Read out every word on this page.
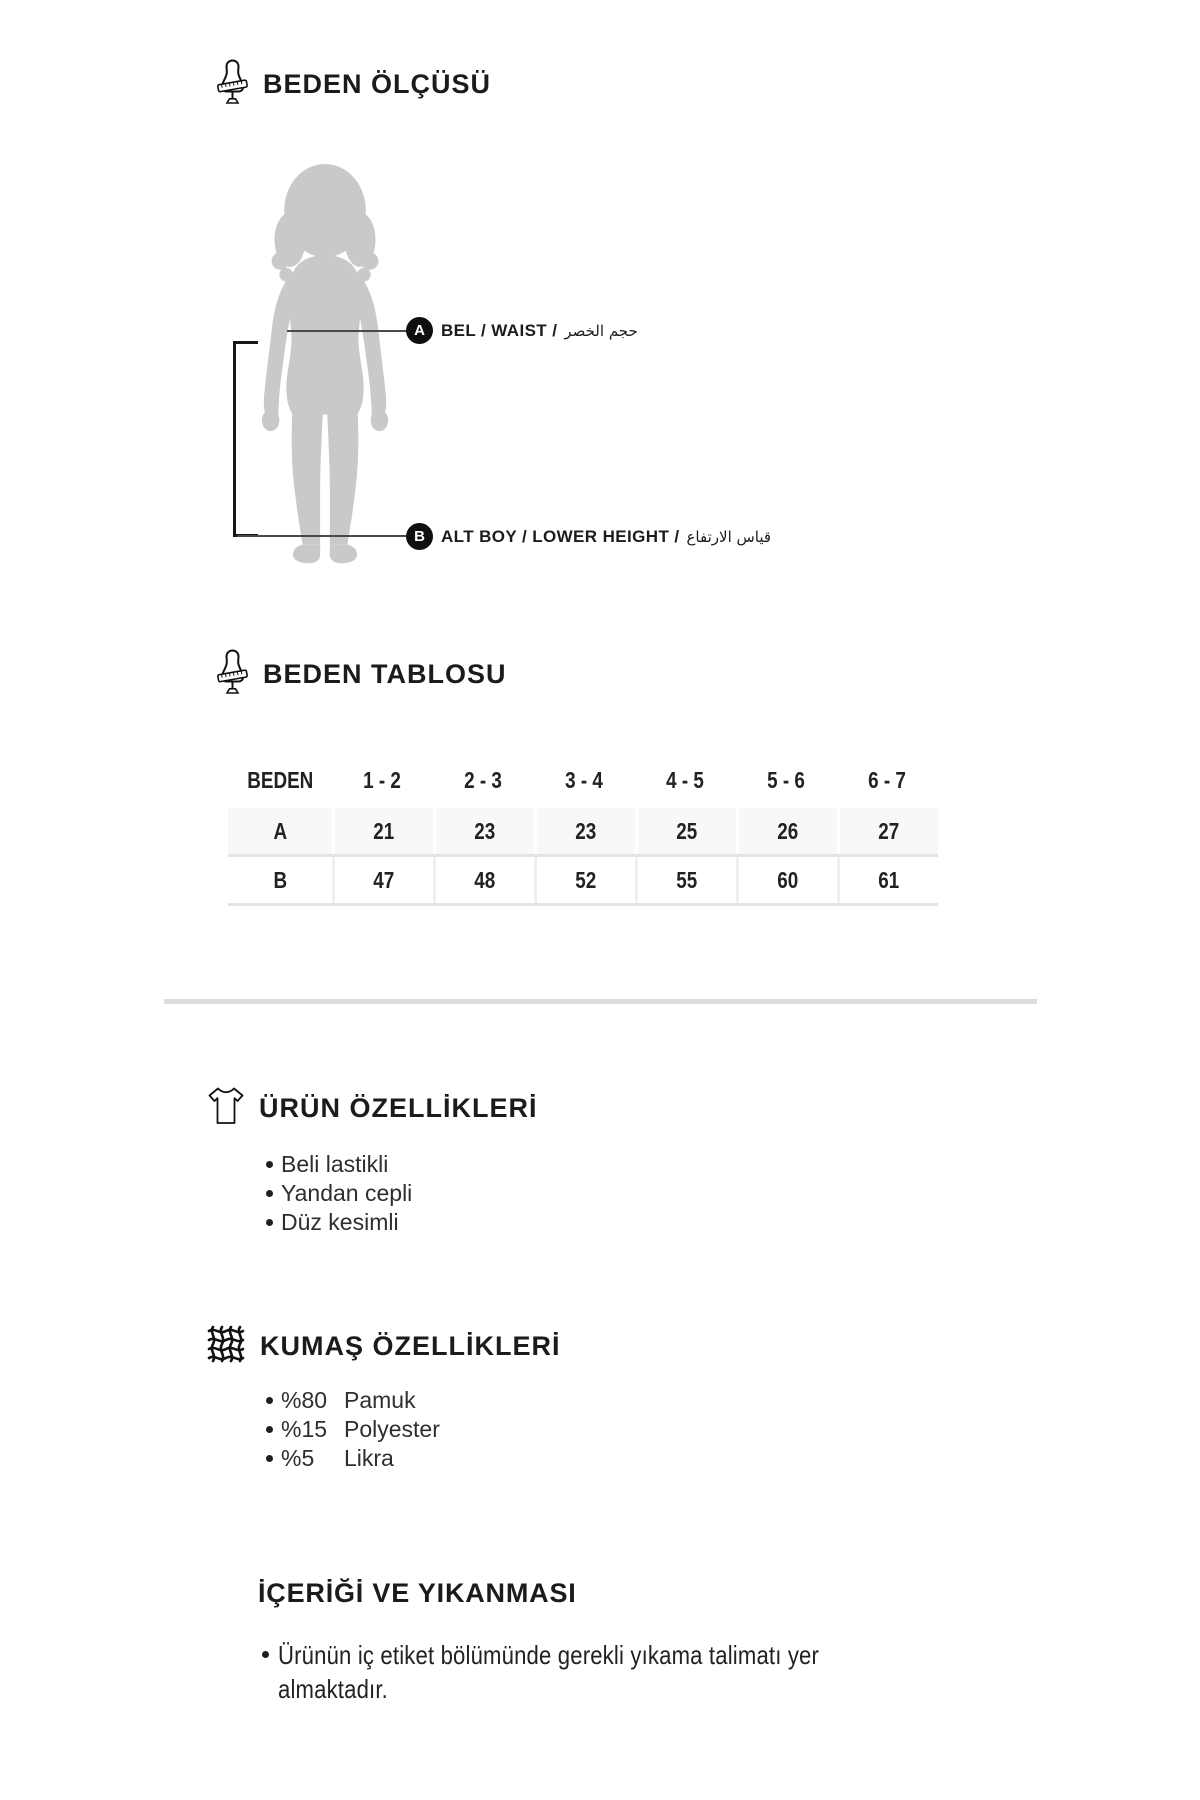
BEDEN ÖLÇÜSÜ
A BEL / WAIST / حجم الخصر
B ALT BOY / LOWER HEIGHT / قياس الارتفاع
BEDEN TABLOSU
BEDEN 1 - 2	2 - 3	3 - 4	4 - 5	5 - 6	6 - 7
A	21	23	23	25	26	27
B	47	48	52	55	60	61
ÜRÜN ÖZELLİKLERİ
Beli lastikli
Yandan cepli
Düz kesimli
KUMAŞ ÖZELLİKLERİ
%80 Pamuk
%15 Polyester
%5 Likra
İÇERİĞİ VE YIKANMASI
Ürünün iç etiket bölümünde gerekli yıkama talimatı yer almaktadır.
